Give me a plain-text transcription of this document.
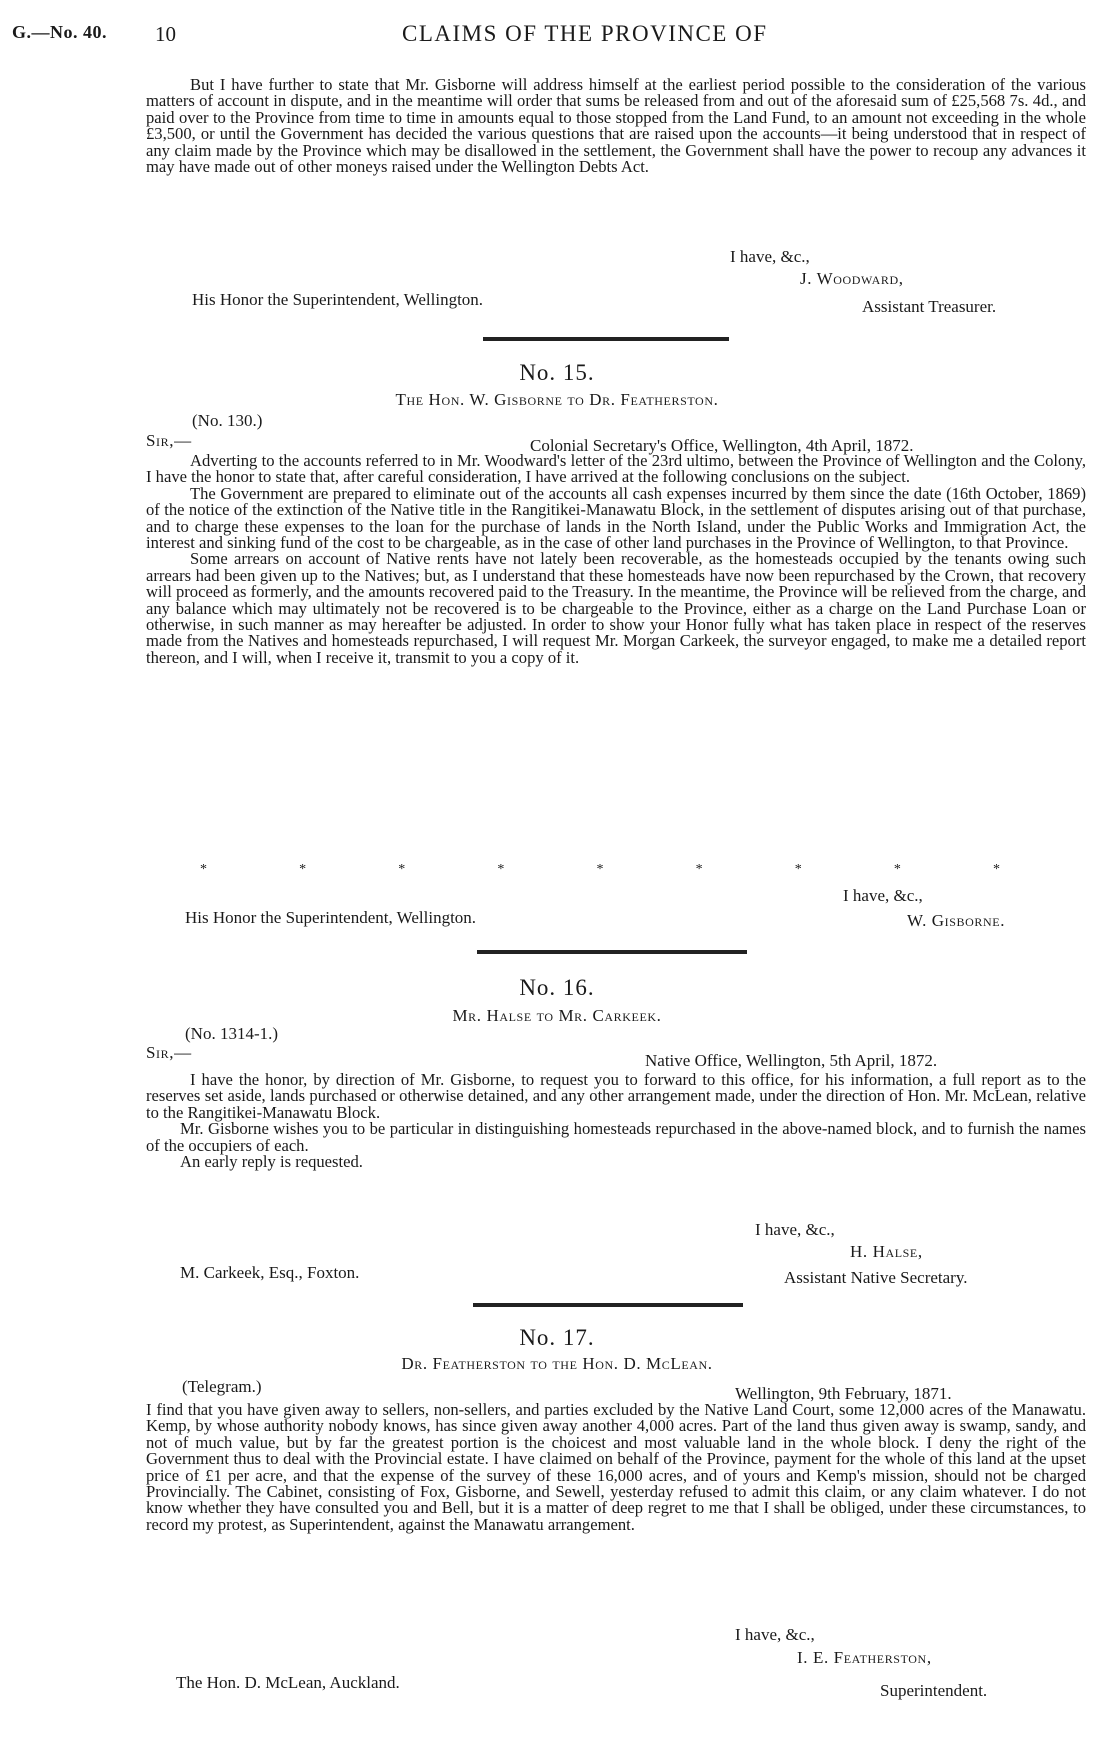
G.—No. 40. 10	CLAIMS OF THE PROVINCE OF

But I have further to state that Mr. Gisborne will address himself at the earliest period possible to the consideration of the various matters of account in dispute, and in the meantime will order that sums be released from and out of the aforesaid sum of £25,568 7s. 4d., and paid over to the Province from time to time in amounts equal to those stopped from the Land Fund, to an amount not exceeding in the whole £3,500, or until the Government has decided the various questions that are raised upon the accounts—it being understood that in respect of any claim made by the Province which may be disallowed in the settlement, the Government shall have the power to recoup any advances it may have made out of other moneys raised under the Wellington Debts Act.

I have, &c.,
J. Woodward,
His Honor the Superintendent, Wellington.	Assistant Treasurer.
No. 15.
The Hon. W. Gisborne to Dr. Featherston.
(No. 130.)
Sir,—	Colonial Secretary's Office, Wellington, 4th April, 1872.

Adverting to the accounts referred to in Mr. Woodward's letter of the 23rd ultimo, between the Province of Wellington and the Colony, I have the honor to state that, after careful consideration, I have arrived at the following conclusions on the subject.

The Government are prepared to eliminate out of the accounts all cash expenses incurred by them since the date (16th October, 1869) of the notice of the extinction of the Native title in the Rangitikei-Manawatu Block, in the settlement of disputes arising out of that purchase, and to charge these expenses to the loan for the purchase of lands in the North Island, under the Public Works and Immigration Act, the interest and sinking fund of the cost to be chargeable, as in the case of other land purchases in the Province of Wellington, to that Province.

Some arrears on account of Native rents have not lately been recoverable, as the homesteads occupied by the tenants owing such arrears had been given up to the Natives; but, as I understand that these homesteads have now been repurchased by the Crown, that recovery will proceed as formerly, and the amounts recovered paid to the Treasury. In the meantime, the Province will be relieved from the charge, and any balance which may ultimately not be recovered is to be chargeable to the Province, either as a charge on the Land Purchase Loan or otherwise, in such manner as may hereafter be adjusted. In order to show your Honor fully what has taken place in respect of the reserves made from the Natives and homesteads repurchased, I will request Mr. Morgan Carkeek, the surveyor engaged, to make me a detailed report thereon, and I will, when I receive it, transmit to you a copy of it.

*	*	*	*	*	*	*	*	*
I have, &c.,
His Honor the Superintendent, Wellington.	W. Gisborne.
No. 16.
Mr. Halse to Mr. Carkeek.
(No. 1314-1.)
Sir,—	Native Office, Wellington, 5th April, 1872.

I have the honor, by direction of Mr. Gisborne, to request you to forward to this office, for his information, a full report as to the reserves set aside, lands purchased or otherwise detained, and any other arrangement made, under the direction of Hon. Mr. McLean, relative to the Rangitikei-Manawatu Block.

Mr. Gisborne wishes you to be particular in distinguishing homesteads repurchased in the above-named block, and to furnish the names of the occupiers of each.

An early reply is requested.

I have, &c.,
H. Halse,
M. Carkeek, Esq., Foxton.	Assistant Native Secretary.
No. 17.
Dr. Featherston to the Hon. D. McLean.
(Telegram.)	Wellington, 9th February, 1871.

I find that you have given away to sellers, non-sellers, and parties excluded by the Native Land Court, some 12,000 acres of the Manawatu. Kemp, by whose authority nobody knows, has since given away another 4,000 acres. Part of the land thus given away is swamp, sandy, and not of much value, but by far the greatest portion is the choicest and most valuable land in the whole block. I deny the right of the Government thus to deal with the Provincial estate. I have claimed on behalf of the Province, payment for the whole of this land at the upset price of £1 per acre, and that the expense of the survey of these 16,000 acres, and of yours and Kemp's mission, should not be charged Provincially. The Cabinet, consisting of Fox, Gisborne, and Sewell, yesterday refused to admit this claim, or any claim whatever. I do not know whether they have consulted you and Bell, but it is a matter of deep regret to me that I shall be obliged, under these circumstances, to record my protest, as Superintendent, against the Manawatu arrangement.

I have, &c.,
I. E. Featherston,
The Hon. D. McLean, Auckland.	Superintendent.
